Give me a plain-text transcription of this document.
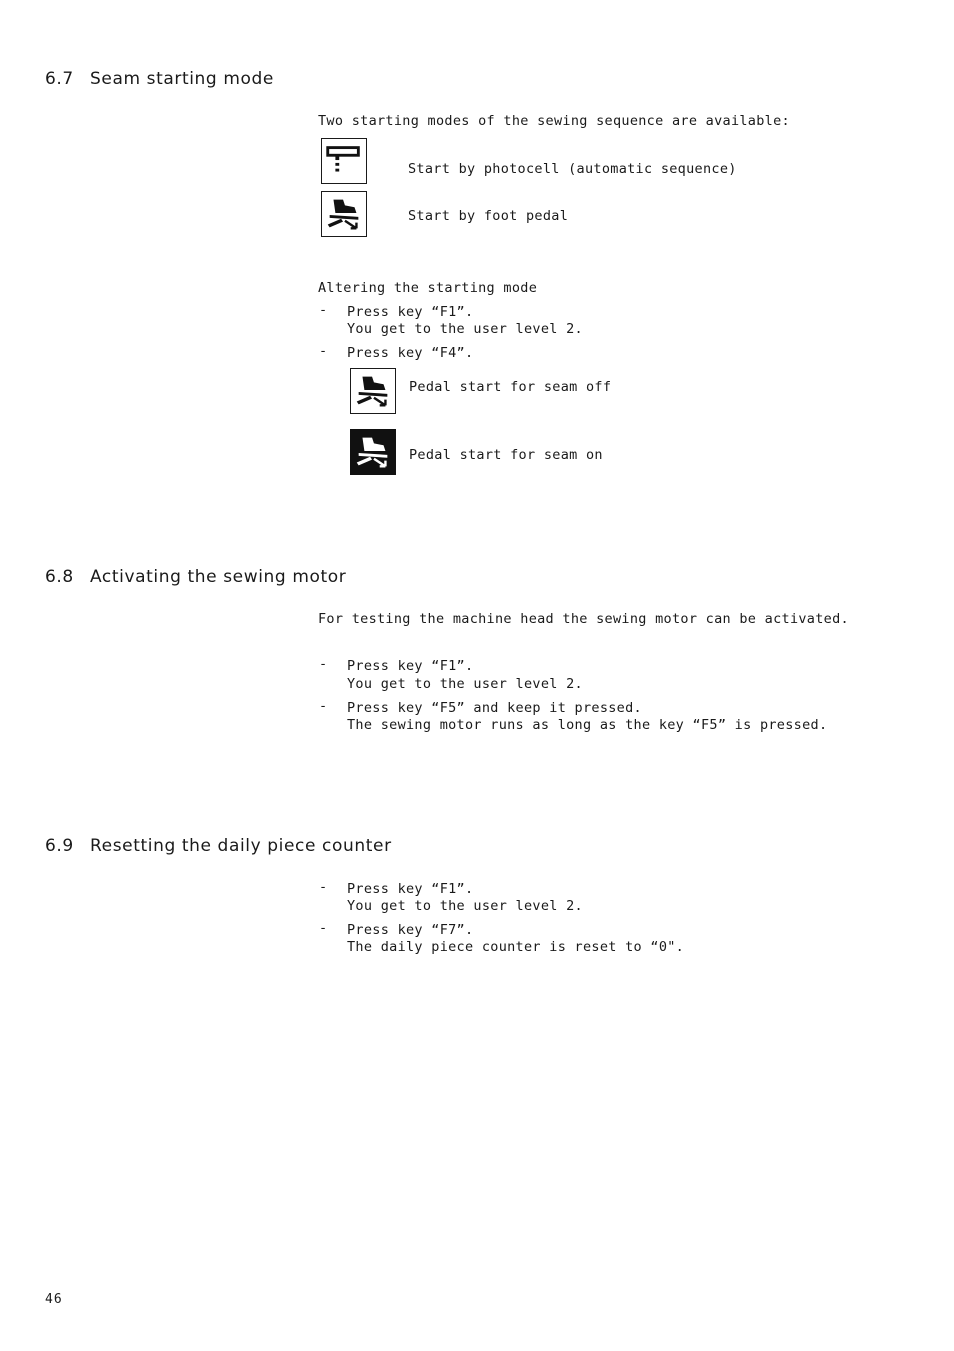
6.7 Seam starting mode
Two starting modes of the sewing sequence are available:
Start by photocell (automatic sequence)
Start by foot pedal
Altering the starting mode
- Press key “F1”.
You get to the user level 2.
- Press key “F4”.
Pedal start for seam off
Pedal start for seam on
6.8 Activating the sewing motor
For testing the machine head the sewing motor can be activated.
- Press key “F1”.
You get to the user level 2.
- Press key “F5” and keep it pressed.
The sewing motor runs as long as the key “F5” is pressed.
6.9 Resetting the daily piece counter
- Press key “F1”.
You get to the user level 2.
- Press key “F7”.
The daily piece counter is reset to “0".
46
